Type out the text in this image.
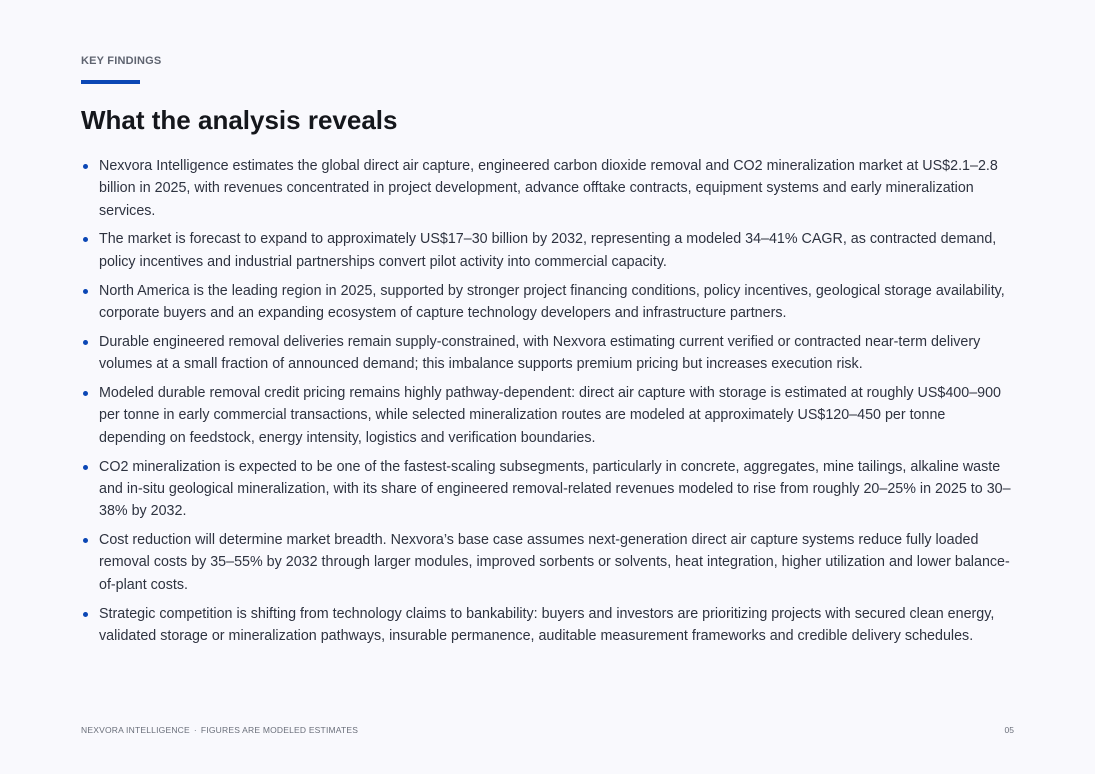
KEY FINDINGS
What the analysis reveals
Nexvora Intelligence estimates the global direct air capture, engineered carbon dioxide removal and CO2 mineralization market at US$2.1–2.8 billion in 2025, with revenues concentrated in project development, advance offtake contracts, equipment systems and early mineralization services.
The market is forecast to expand to approximately US$17–30 billion by 2032, representing a modeled 34–41% CAGR, as contracted demand, policy incentives and industrial partnerships convert pilot activity into commercial capacity.
North America is the leading region in 2025, supported by stronger project financing conditions, policy incentives, geological storage availability, corporate buyers and an expanding ecosystem of capture technology developers and infrastructure partners.
Durable engineered removal deliveries remain supply-constrained, with Nexvora estimating current verified or contracted near-term delivery volumes at a small fraction of announced demand; this imbalance supports premium pricing but increases execution risk.
Modeled durable removal credit pricing remains highly pathway-dependent: direct air capture with storage is estimated at roughly US$400–900 per tonne in early commercial transactions, while selected mineralization routes are modeled at approximately US$120–450 per tonne depending on feedstock, energy intensity, logistics and verification boundaries.
CO2 mineralization is expected to be one of the fastest-scaling subsegments, particularly in concrete, aggregates, mine tailings, alkaline waste and in-situ geological mineralization, with its share of engineered removal-related revenues modeled to rise from roughly 20–25% in 2025 to 30–38% by 2032.
Cost reduction will determine market breadth. Nexvora’s base case assumes next-generation direct air capture systems reduce fully loaded removal costs by 35–55% by 2032 through larger modules, improved sorbents or solvents, heat integration, higher utilization and lower balance-of-plant costs.
Strategic competition is shifting from technology claims to bankability: buyers and investors are prioritizing projects with secured clean energy, validated storage or mineralization pathways, insurable permanence, auditable measurement frameworks and credible delivery schedules.
NEXVORA INTELLIGENCE · FIGURES ARE MODELED ESTIMATES	05
